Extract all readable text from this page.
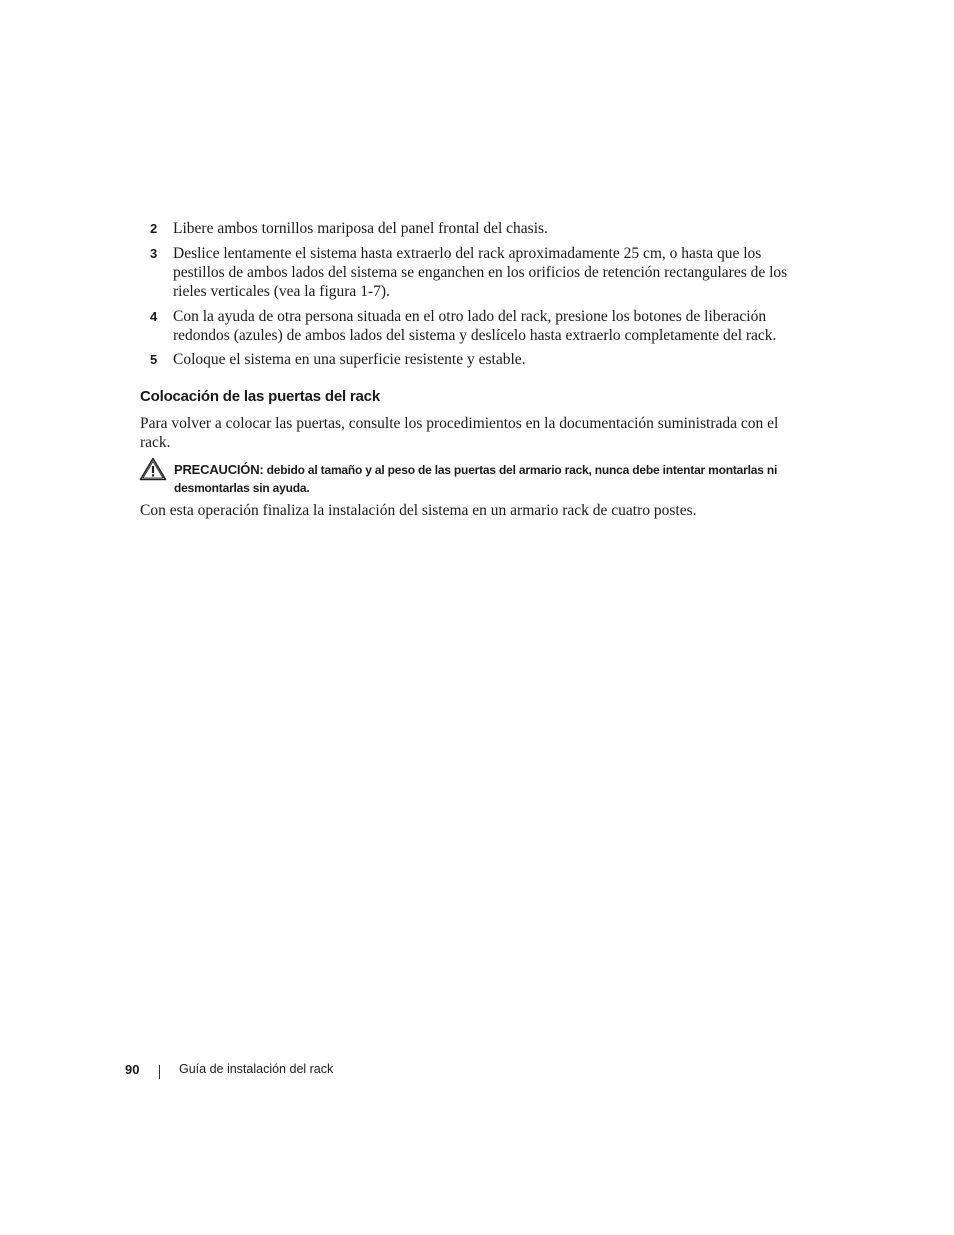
2 Libere ambos tornillos mariposa del panel frontal del chasis.
3 Deslice lentamente el sistema hasta extraerlo del rack aproximadamente 25 cm, o hasta que los pestillos de ambos lados del sistema se enganchen en los orificios de retención rectangulares de los rieles verticales (vea la figura 1-7).
4 Con la ayuda de otra persona situada en el otro lado del rack, presione los botones de liberación redondos (azules) de ambos lados del sistema y deslícelo hasta extraerlo completamente del rack.
5 Coloque el sistema en una superficie resistente y estable.
Colocación de las puertas del rack
Para volver a colocar las puertas, consulte los procedimientos en la documentación suministrada con el rack.
PRECAUCIÓN: debido al tamaño y al peso de las puertas del armario rack, nunca debe intentar montarlas ni desmontarlas sin ayuda.
Con esta operación finaliza la instalación del sistema en un armario rack de cuatro postes.
90	Guía de instalación del rack
